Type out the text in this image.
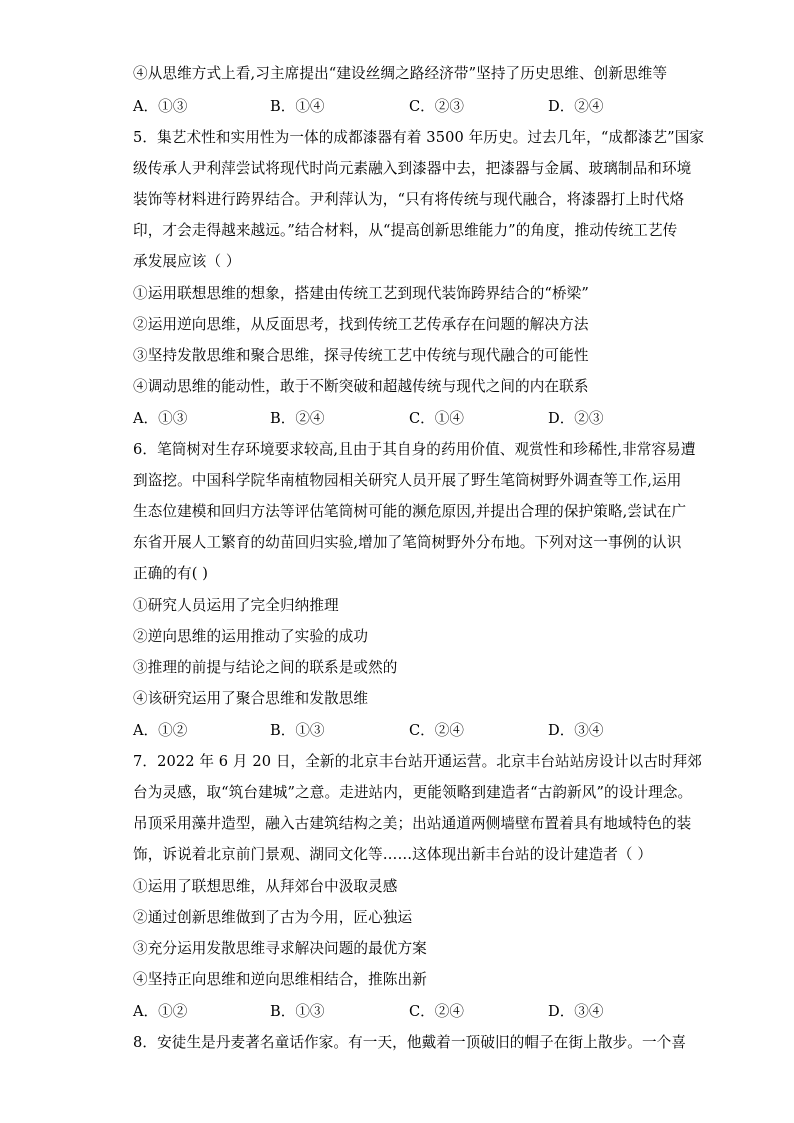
④从思维方式上看,习主席提出“建设丝绸之路经济带”坚持了历史思维、创新思维等
A．①③	B．①④	C．②③	D．②④
5．集艺术性和实用性为一体的成都漆器有着 3500 年历史。过去几年，“成都漆艺”国家
级传承人尹利萍尝试将现代时尚元素融入到漆器中去，把漆器与金属、玻璃制品和环境
装饰等材料进行跨界结合。尹利萍认为，“只有将传统与现代融合，将漆器打上时代烙
印，才会走得越来越远。”结合材料，从“提高创新思维能力”的角度，推动传统工艺传
承发展应该（ ）
①运用联想思维的想象，搭建由传统工艺到现代装饰跨界结合的“桥梁”
②运用逆向思维，从反面思考，找到传统工艺传承存在问题的解决方法
③坚持发散思维和聚合思维，探寻传统工艺中传统与现代融合的可能性
④调动思维的能动性，敢于不断突破和超越传统与现代之间的内在联系
A．①③	B．②④	C．①④	D．②③
6．笔筒树对生存环境要求较高,且由于其自身的药用价值、观赏性和珍稀性,非常容易遭
到盗挖。中国科学院华南植物园相关研究人员开展了野生笔筒树野外调查等工作,运用
生态位建模和回归方法等评估笔筒树可能的濒危原因,并提出合理的保护策略,尝试在广
东省开展人工繁育的幼苗回归实验,增加了笔筒树野外分布地。下列对这一事例的认识
正确的有( )
①研究人员运用了完全归纳推理
②逆向思维的运用推动了实验的成功
③推理的前提与结论之间的联系是或然的
④该研究运用了聚合思维和发散思维
A．①②	B．①③	C．②④	D．③④
7．2022 年 6 月 20 日，全新的北京丰台站开通运营。北京丰台站站房设计以古时拜郊
台为灵感，取“筑台建城”之意。走进站内，更能领略到建造者“古韵新风”的设计理念。
吊顶采用藻井造型，融入古建筑结构之美；出站通道两侧墙壁布置着具有地域特色的装
饰，诉说着北京前门景观、湖同文化等……这体现出新丰台站的设计建造者（ ）
①运用了联想思维，从拜郊台中汲取灵感
②通过创新思维做到了古为今用，匠心独运
③充分运用发散思维寻求解决问题的最优方案
④坚持正向思维和逆向思维相结合，推陈出新
A．①②	B．①③	C．②④	D．③④
8．安徒生是丹麦著名童话作家。有一天，他戴着一顶破旧的帽子在街上散步。一个喜
